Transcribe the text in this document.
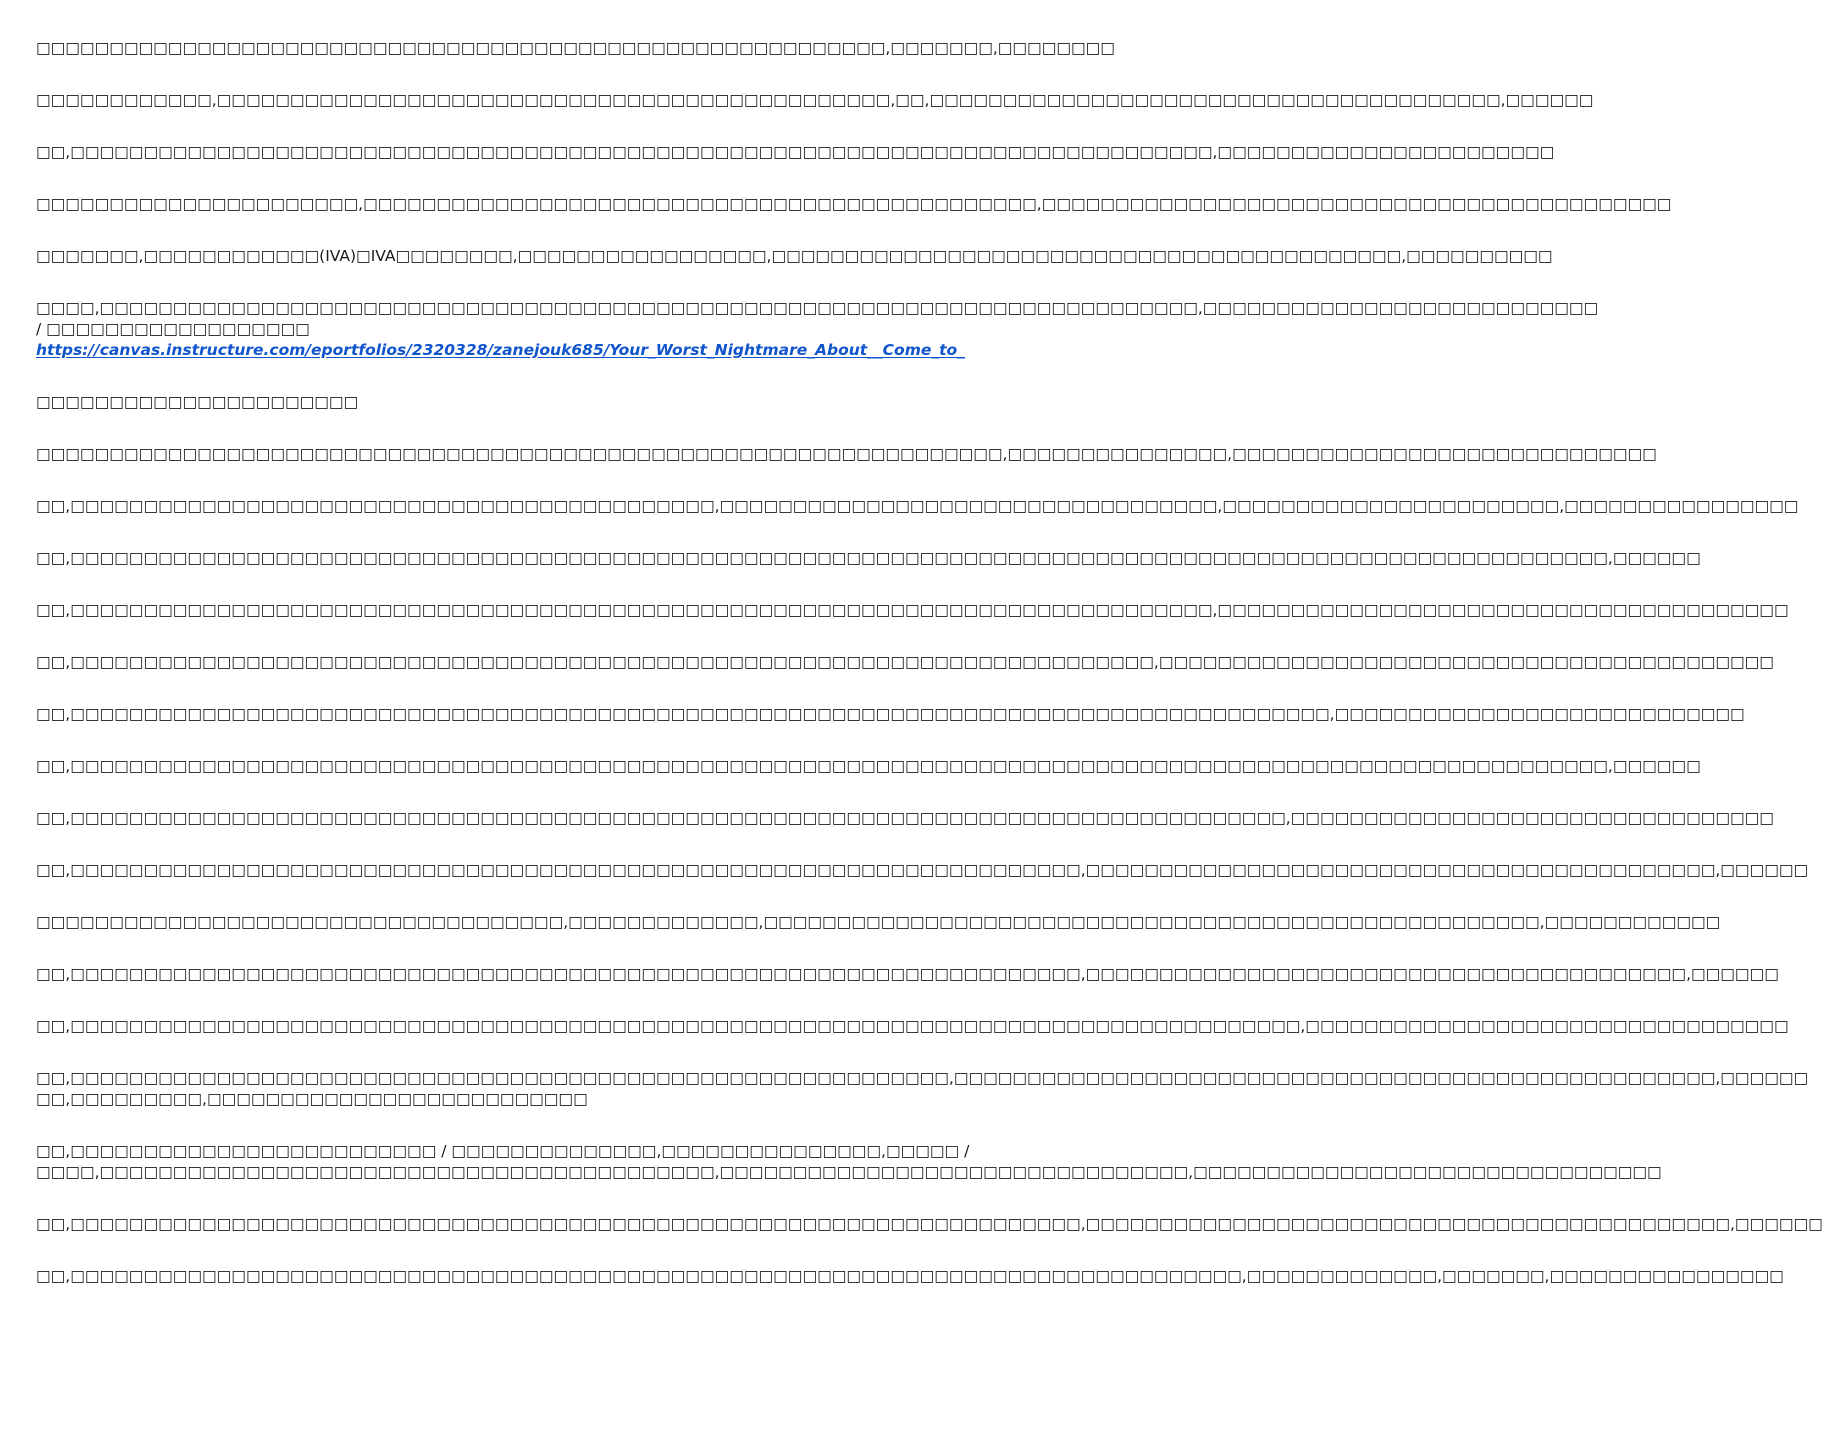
□□□□□□□□□□□□□□□□□□□□□□□□□□□□□□□□□□□□□□□□□□□□□□□□□□□□□□□□□□,□□□□□□□,□□□□□□□□

□□□□□□□□□□□□,□□□□□□□□□□□□□□□□□□□□□□□□□□□□□□□□□□□□□□□□□□□□□□,□□,□□□□□□□□□□□□□□□□□□□□□□□□□□□□□□□□□□□□□□□,□□□□□□

□□,□□□□□□□□□□□□□□□□□□□□□□□□□□□□□□□□□□□□□□□□□□□□□□□□□□□□□□□□□□□□□□□□□□□□□□□□□□□□□□,□□□□□□□□□□□□□□□□□□□□□□□

□□□□□□□□□□□□□□□□□□□□□□,□□□□□□□□□□□□□□□□□□□□□□□□□□□□□□□□□□□□□□□□□□□□□□,□□□□□□□□□□□□□□□□□□□□□□□□□□□□□□□□□□□□□□□□□□□

□□□□□□□,□□□□□□□□□□□□(IVA)□IVA□□□□□□□□,□□□□□□□□□□□□□□□□□,□□□□□□□□□□□□□□□□□□□□□□□□□□□□□□□□□□□□□□□□□□□,□□□□□□□□□□

□□□□,□□□□□□□□□□□□□□□□□□□□□□□□□□□□□□□□□□□□□□□□□□□□□□□□□□□□□□□□□□□□□□□□□□□□□□□□□□□,□□□□□□□□□□□□□□□□□□□□□□□□□□□
/ □□□□□□□□□□□□□□□□□□
https://canvas.instructure.com/eportfolios/2320328/zanejouk685/Your_Worst_Nightmare_About__Come_to_

□□□□□□□□□□□□□□□□□□□□□□

□□□□□□□□□□□□□□□□□□□□□□□□□□□□□□□□□□□□□□□□□□□□□□□□□□□□□□□□□□□□□□□□□□,□□□□□□□□□□□□□□□,□□□□□□□□□□□□□□□□□□□□□□□□□□□□□

□□,□□□□□□□□□□□□□□□□□□□□□□□□□□□□□□□□□□□□□□□□□□□□,□□□□□□□□□□□□□□□□□□□□□□□□□□□□□□□□□□,□□□□□□□□□□□□□□□□□□□□□□□,□□□□□□□□□□□□□□□□

□□,□□□□□□□□□□□□□□□□□□□□□□□□□□□□□□□□□□□□□□□□□□□□□□□□□□□□□□□□□□□□□□□□□□□□□□□□□□□□□□□□□□□□□□□□□□□□□□□□□□□□□□□□□,□□□□□□

□□,□□□□□□□□□□□□□□□□□□□□□□□□□□□□□□□□□□□□□□□□□□□□□□□□□□□□□□□□□□□□□□□□□□□□□□□□□□□□□□,□□□□□□□□□□□□□□□□□□□□□□□□□□□□□□□□□□□□□□□

□□,□□□□□□□□□□□□□□□□□□□□□□□□□□□□□□□□□□□□□□□□□□□□□□□□□□□□□□□□□□□□□□□□□□□□□□□□□□,□□□□□□□□□□□□□□□□□□□□□□□□□□□□□□□□□□□□□□□□□□

□□,□□□□□□□□□□□□□□□□□□□□□□□□□□□□□□□□□□□□□□□□□□□□□□□□□□□□□□□□□□□□□□□□□□□□□□□□□□□□□□□□□□□□□□,□□□□□□□□□□□□□□□□□□□□□□□□□□□□

□□,□□□□□□□□□□□□□□□□□□□□□□□□□□□□□□□□□□□□□□□□□□□□□□□□□□□□□□□□□□□□□□□□□□□□□□□□□□□□□□□□□□□□□□□□□□□□□□□□□□□□□□□□□,□□□□□□

□□,□□□□□□□□□□□□□□□□□□□□□□□□□□□□□□□□□□□□□□□□□□□□□□□□□□□□□□□□□□□□□□□□□□□□□□□□□□□□□□□□□□□,□□□□□□□□□□□□□□□□□□□□□□□□□□□□□□□□□

□□,□□□□□□□□□□□□□□□□□□□□□□□□□□□□□□□□□□□□□□□□□□□□□□□□□□□□□□□□□□□□□□□□□□□□□,□□□□□□□□□□□□□□□□□□□□□□□□□□□□□□□□□□□□□□□□□□□,□□□□□□

□□□□□□□□□□□□□□□□□□□□□□□□□□□□□□□□□□□□,□□□□□□□□□□□□□,□□□□□□□□□□□□□□□□□□□□□□□□□□□□□□□□□□□□□□□□□□□□□□□□□□□□□,□□□□□□□□□□□□

□□,□□□□□□□□□□□□□□□□□□□□□□□□□□□□□□□□□□□□□□□□□□□□□□□□□□□□□□□□□□□□□□□□□□□□□,□□□□□□□□□□□□□□□□□□□□□□□□□□□□□□□□□□□□□□□□□,□□□□□□

□□,□□□□□□□□□□□□□□□□□□□□□□□□□□□□□□□□□□□□□□□□□□□□□□□□□□□□□□□□□□□□□□□□□□□□□□□□□□□□□□□□□□□□,□□□□□□□□□□□□□□□□□□□□□□□□□□□□□□□□□

□□,□□□□□□□□□□□□□□□□□□□□□□□□□□□□□□□□□□□□□□□□□□□□□□□□□□□□□□□□□□□□,□□□□□□□□□□□□□□□□□□□□□□□□□□□□□□□□□□□□□□□□□□□□□□□□□□□□,□□□□□□
□□,□□□□□□□□□,□□□□□□□□□□□□□□□□□□□□□□□□□□

□□,□□□□□□□□□□□□□□□□□□□□□□□□□ / □□□□□□□□□□□□□□,□□□□□□□□□□□□□□□,□□□□□ /
□□□□,□□□□□□□□□□□□□□□□□□□□□□□□□□□□□□□□□□□□□□□□□□,□□□□□□□□□□□□□□□□□□□□□□□□□□□□□□□□,□□□□□□□□□□□□□□□□□□□□□□□□□□□□□□□□

□□,□□□□□□□□□□□□□□□□□□□□□□□□□□□□□□□□□□□□□□□□□□□□□□□□□□□□□□□□□□□□□□□□□□□□□,□□□□□□□□□□□□□□□□□□□□□□□□□□□□□□□□□□□□□□□□□□□□,□□□□□□

□□,□□□□□□□□□□□□□□□□□□□□□□□□□□□□□□□□□□□□□□□□□□□□□□□□□□□□□□□□□□□□□□□□□□□□□□□□□□□□□□□□,□□□□□□□□□□□□□,□□□□□□□,□□□□□□□□□□□□□□□□
